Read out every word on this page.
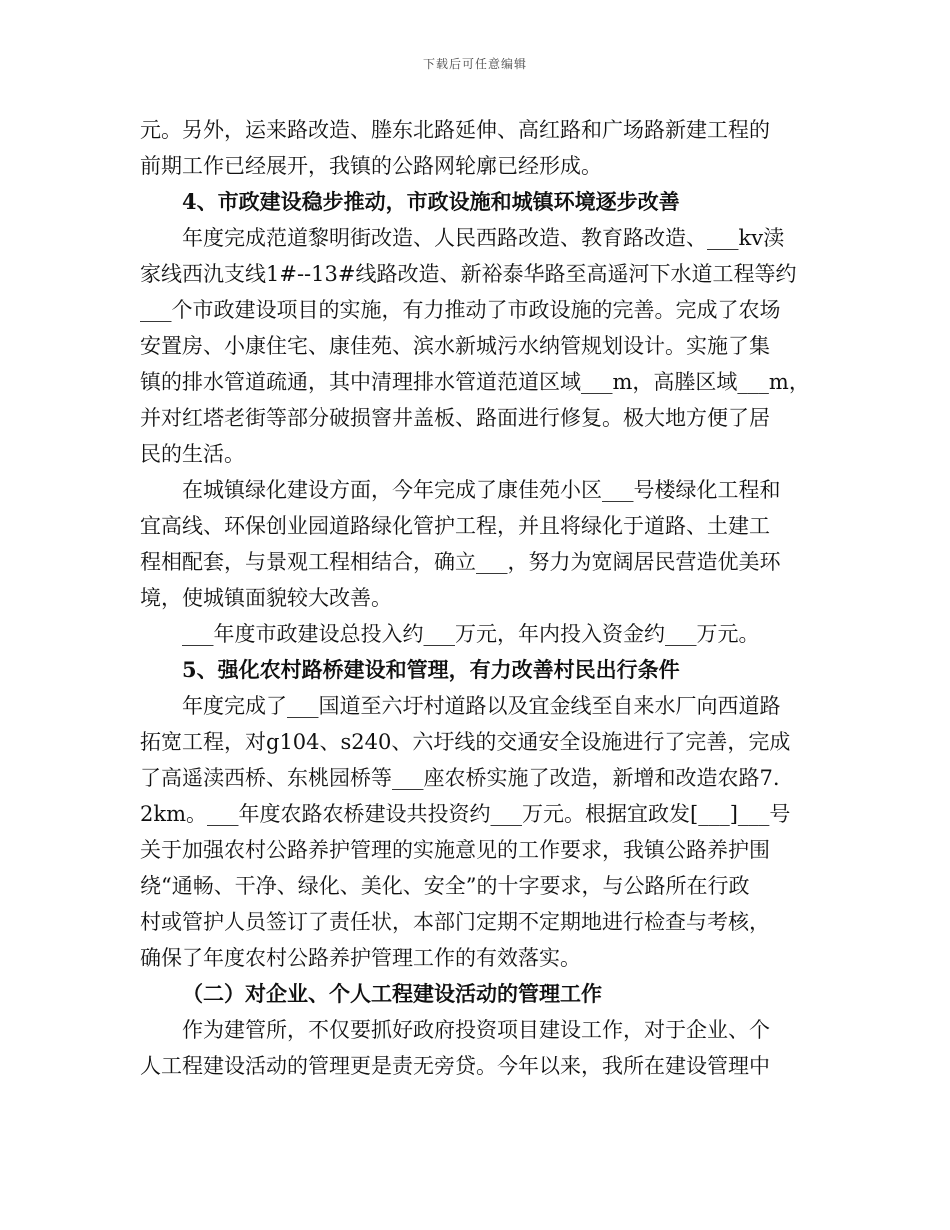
下载后可任意编辑
元。另外，运来路改造、塍东北路延伸、高红路和广场路新建工程的
前期工作已经展开，我镇的公路网轮廓已经形成。
4、市政建设稳步推动，市政设施和城镇环境逐步改善
年度完成范道黎明街改造、人民西路改造、教育路改造、___kv渎
家线西氿支线1#--13#线路改造、新裕泰华路至高遥河下水道工程等约
___个市政建设项目的实施，有力推动了市政设施的完善。完成了农场
安置房、小康住宅、康佳苑、滨水新城污水纳管规划设计。实施了集
镇的排水管道疏通，其中清理排水管道范道区域___m，高塍区域___m，
并对红塔老街等部分破损窨井盖板、路面进行修复。极大地方便了居
民的生活。
在城镇绿化建设方面，今年完成了康佳苑小区___号楼绿化工程和
宜高线、环保创业园道路绿化管护工程，并且将绿化于道路、土建工
程相配套，与景观工程相结合，确立___，努力为宽阔居民营造优美环
境，使城镇面貌较大改善。
___年度市政建设总投入约___万元，年内投入资金约___万元。
5、强化农村路桥建设和管理，有力改善村民出行条件
年度完成了___国道至六圩村道路以及宜金线至自来水厂向西道路
拓宽工程，对g104、s240、六圩线的交通安全设施进行了完善，完成
了高遥渎西桥、东桃园桥等___座农桥实施了改造，新增和改造农路7.
2km。___年度农路农桥建设共投资约___万元。根据宜政发[___]___号
关于加强农村公路养护管理的实施意见的工作要求，我镇公路养护围
绕“通畅、干净、绿化、美化、安全”的十字要求，与公路所在行政
村或管护人员签订了责任状，本部门定期不定期地进行检查与考核，
确保了年度农村公路养护管理工作的有效落实。
（二）对企业、个人工程建设活动的管理工作
作为建管所，不仅要抓好政府投资项目建设工作，对于企业、个
人工程建设活动的管理更是责无旁贷。今年以来，我所在建设管理中
